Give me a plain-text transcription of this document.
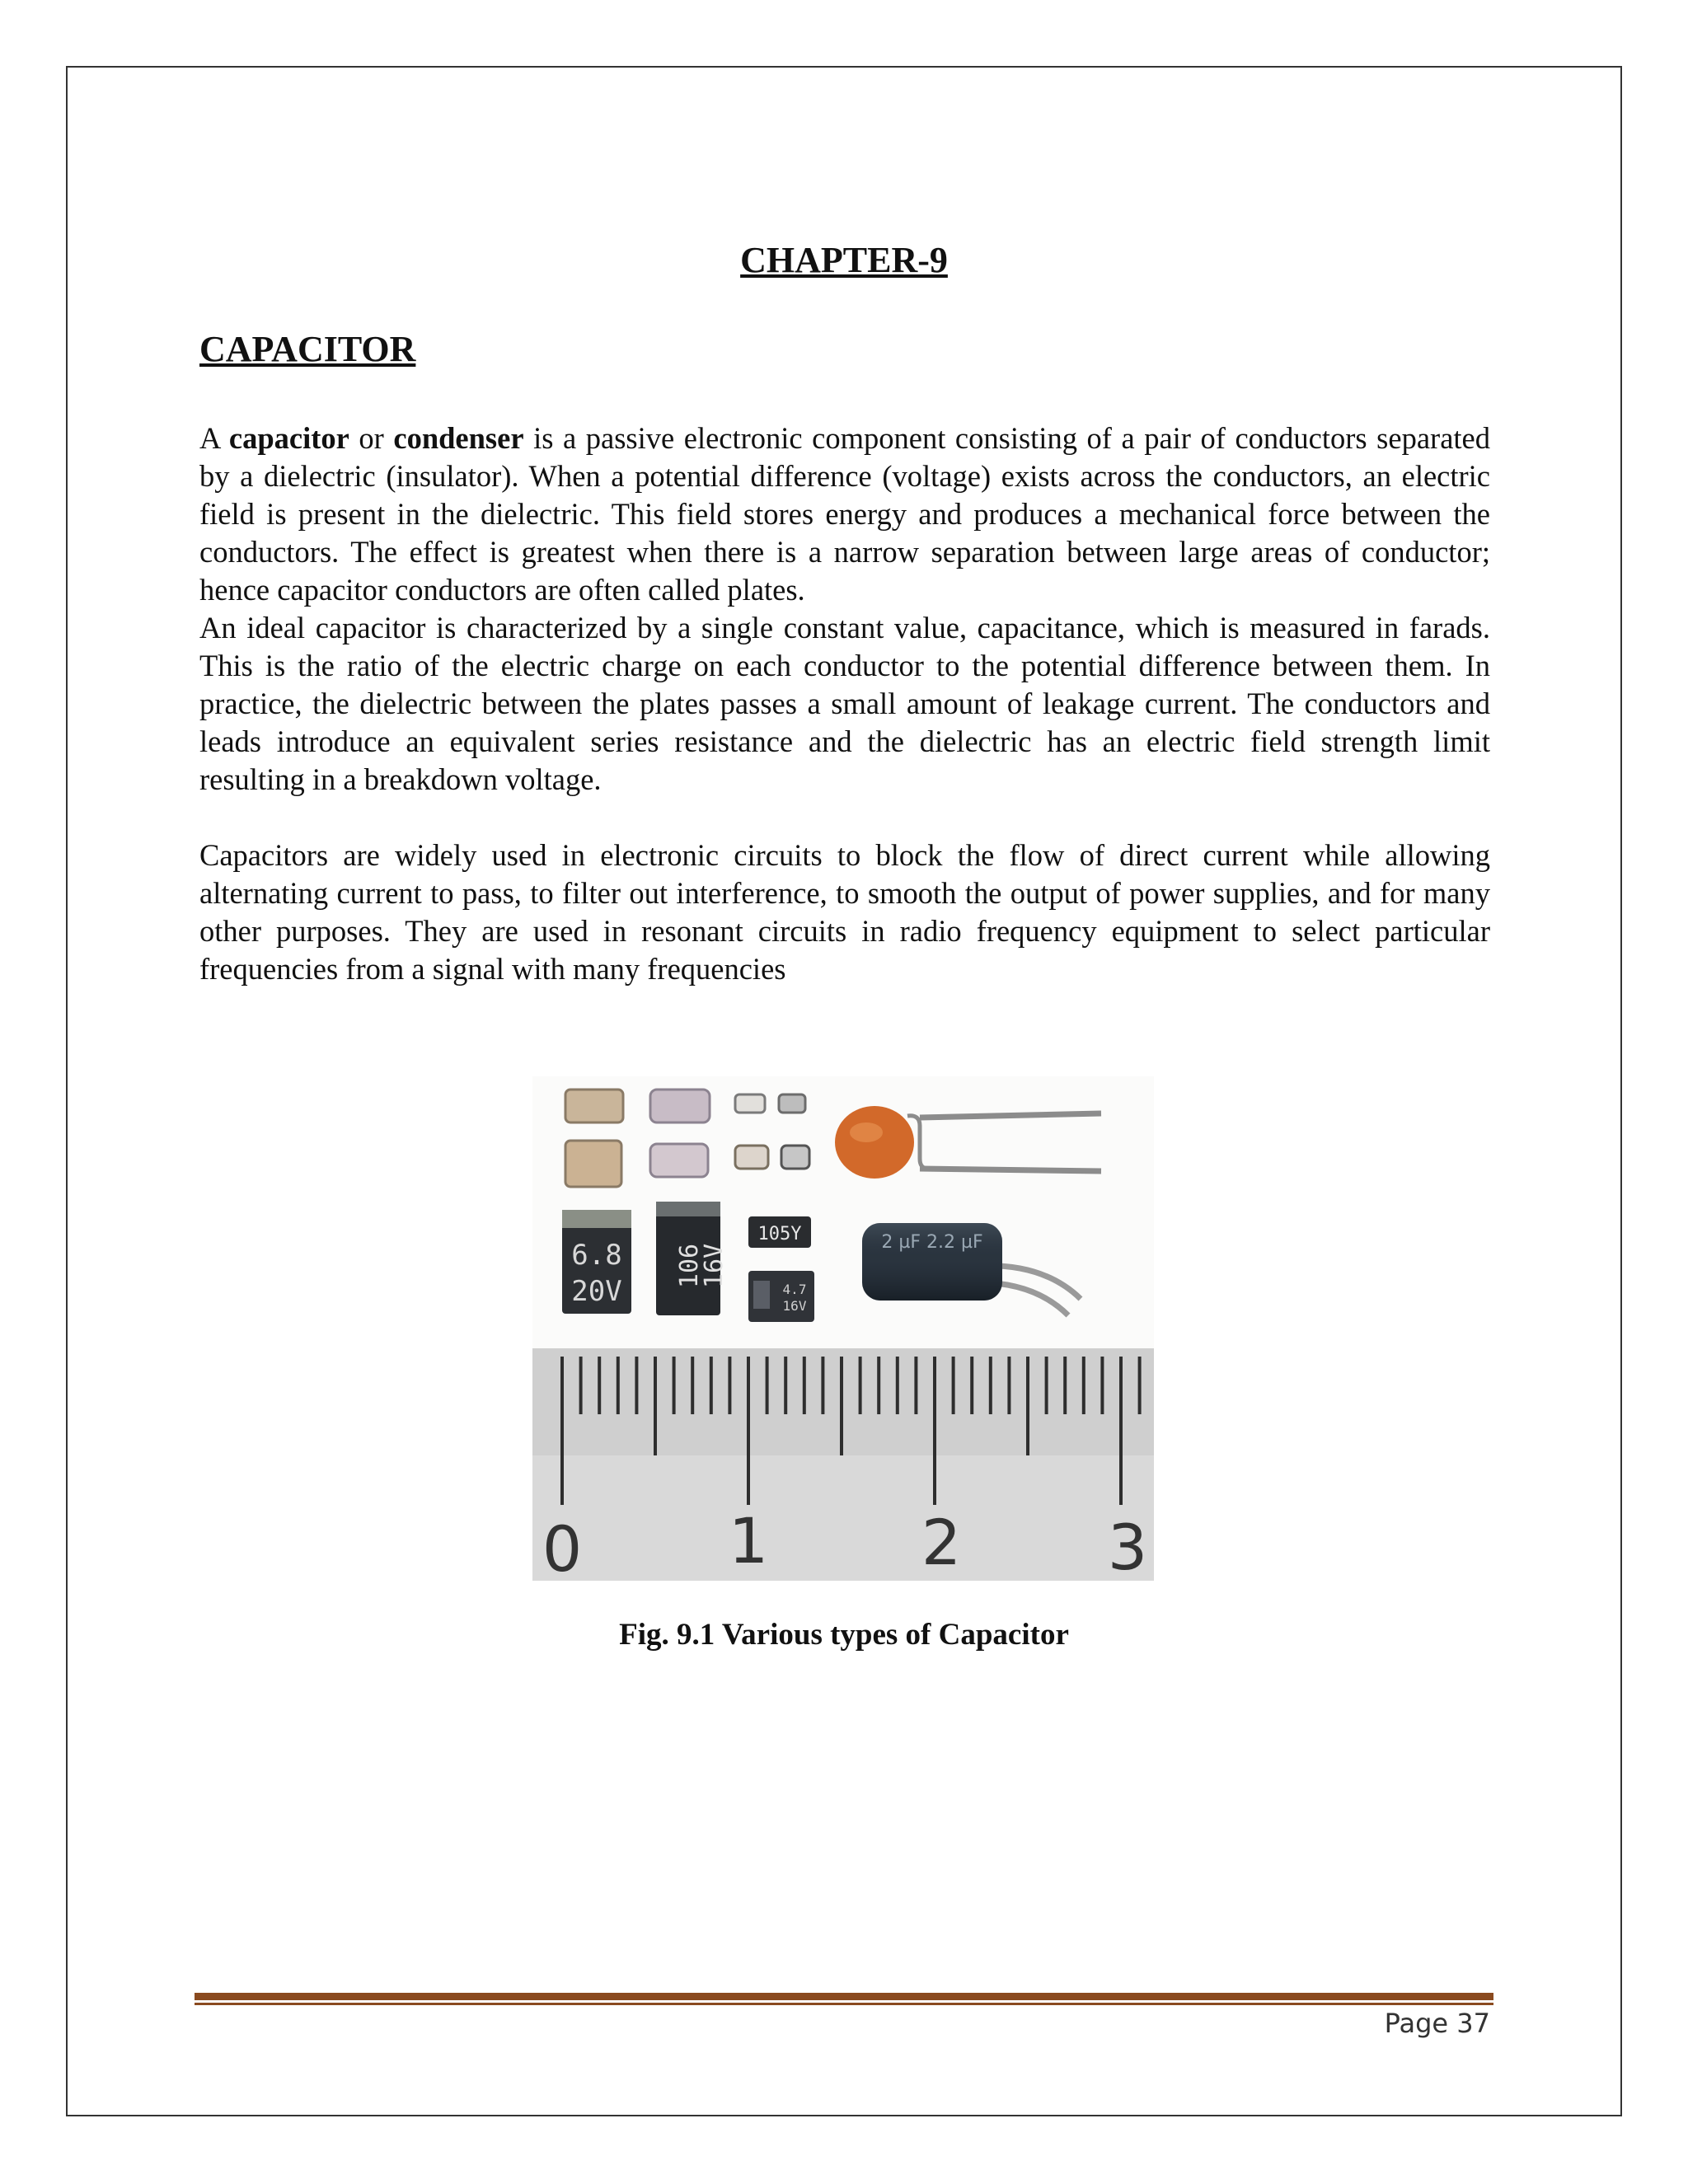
CHAPTER-9
CAPACITOR

A capacitor or condenser is a passive electronic component consisting of a pair of conductors separated by a dielectric (insulator). When a potential difference (voltage) exists across the conductors, an electric field is present in the dielectric. This field stores energy and produces a mechanical force between the conductors. The effect is greatest when there is a narrow separation between large areas of conductor; hence capacitor conductors are often called plates.
An ideal capacitor is characterized by a single constant value, capacitance, which is measured in farads. This is the ratio of the electric charge on each conductor to the potential difference between them. In practice, the dielectric between the plates passes a small amount of leakage current. The conductors and leads introduce an equivalent series resistance and the dielectric has an electric field strength limit resulting in a breakdown voltage.

Capacitors are widely used in electronic circuits to block the flow of direct current while allowing alternating current to pass, to filter out interference, to smooth the output of power supplies, and for many other purposes. They are used in resonant circuits in radio frequency equipment to select particular frequencies from a signal with many frequencies

6.8
20V
106
16V
105Y
4.7
16V
2 µF 2.2 µF
0 1 2 3

Fig. 9.1 Various types of Capacitor

Page 37
